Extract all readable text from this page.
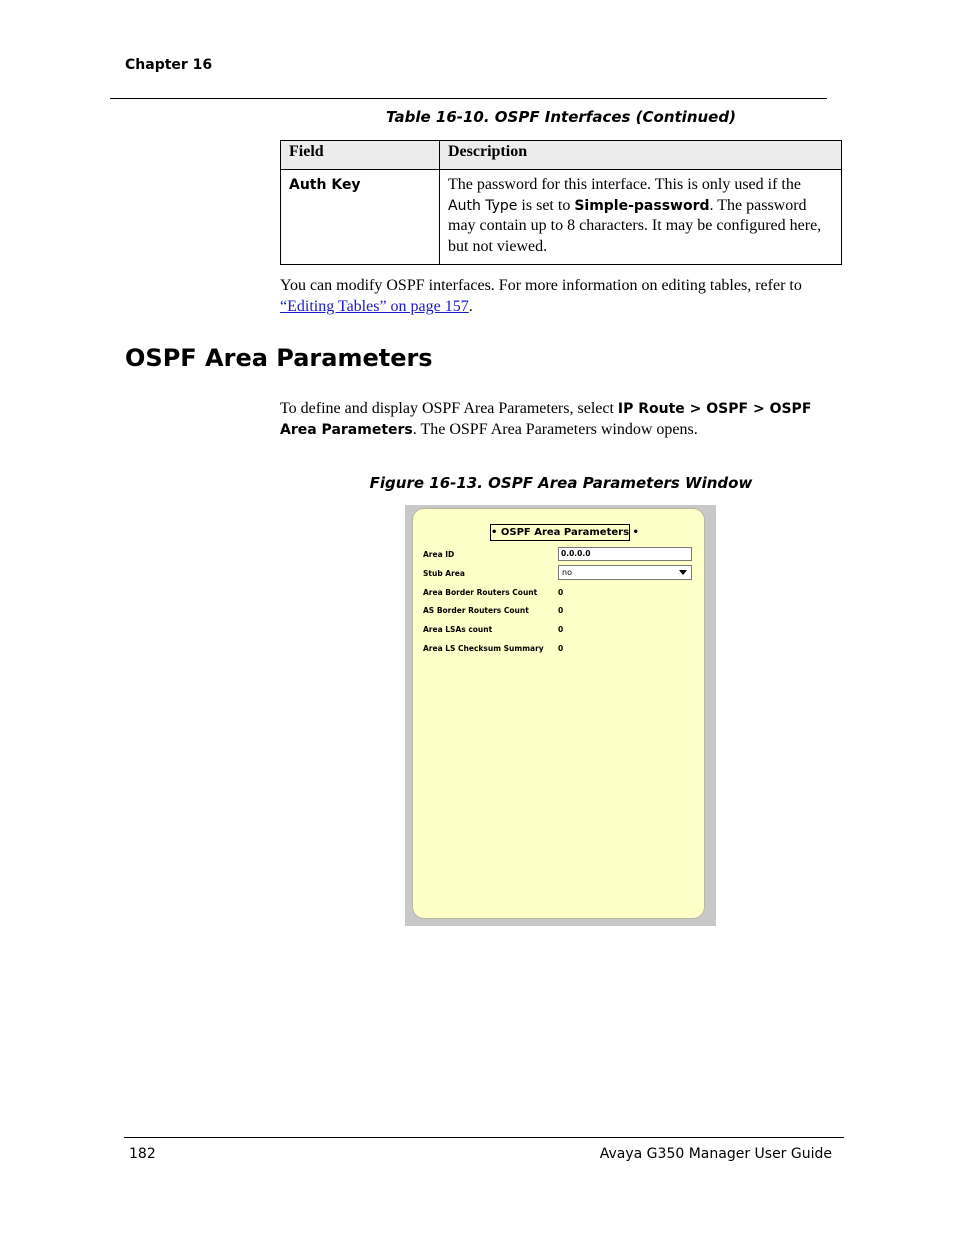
Chapter 16
Table 16-10. OSPF Interfaces (Continued)
Field	Description
Auth Key	The password for this interface. This is only used if the Auth Type is set to Simple-password. The password may contain up to 8 characters. It may be configured here, but not viewed.
You can modify OSPF interfaces. For more information on editing tables, refer to “Editing Tables” on page 157.
OSPF Area Parameters
To define and display OSPF Area Parameters, select IP Route > OSPF > OSPF Area Parameters. The OSPF Area Parameters window opens.
Figure 16-13. OSPF Area Parameters Window
• OSPF Area Parameters •
Area ID	0.0.0.0
Stub Area	no
Area Border Routers Count	0
AS Border Routers Count	0
Area LSAs count	0
Area LS Checksum Summary 0
182	Avaya G350 Manager User Guide
